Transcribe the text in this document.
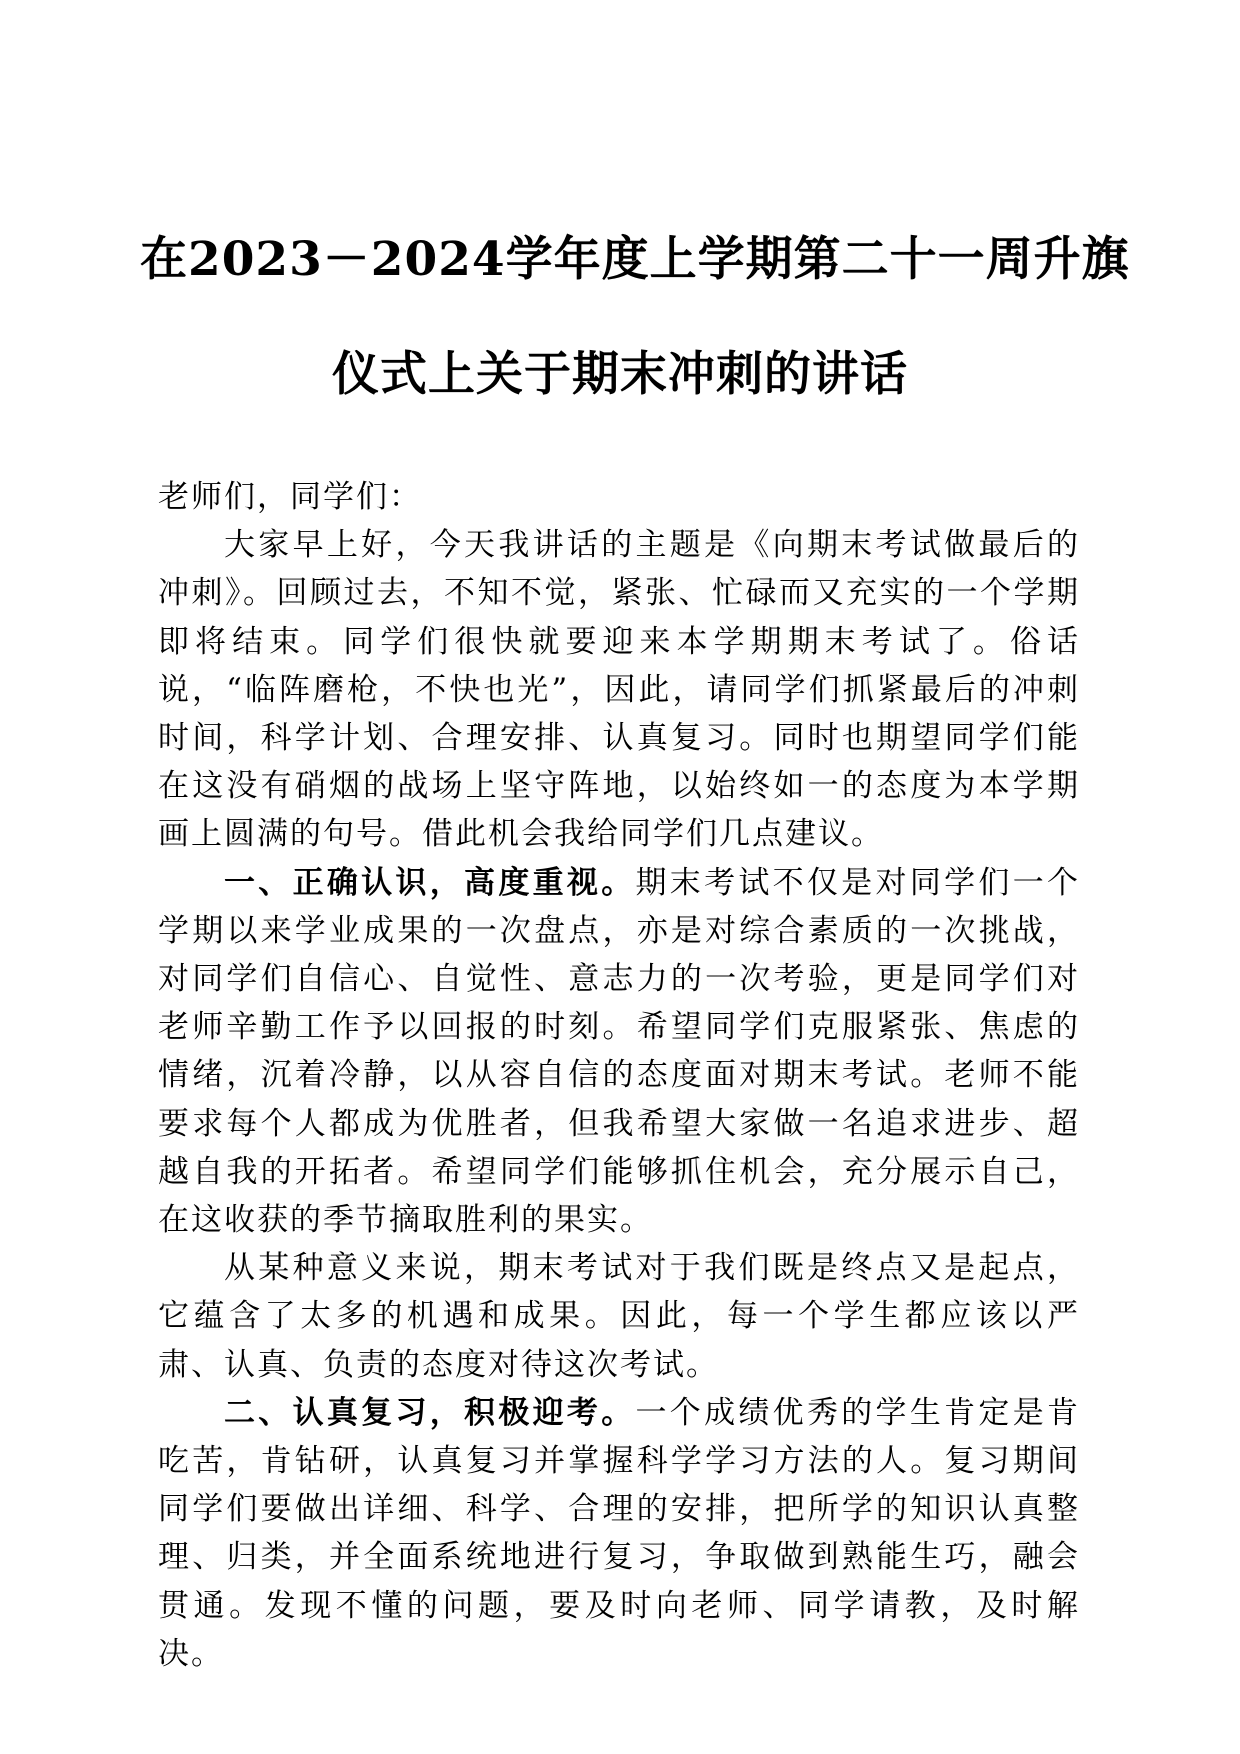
在2023－2024学年度上学期第二十一周升旗
仪式上关于期末冲刺的讲话

老师们，同学们：

大家早上好，今天我讲话的主题是《向期末考试做最后的冲刺》。回顾过去，不知不觉，紧张、忙碌而又充实的一个学期即将结束。同学们很快就要迎来本学期期末考试了。俗话说，“临阵磨枪，不快也光”，因此，请同学们抓紧最后的冲刺时间，科学计划、合理安排、认真复习。同时也期望同学们能在这没有硝烟的战场上坚守阵地，以始终如一的态度为本学期画上圆满的句号。借此机会我给同学们几点建议。

一、正确认识，高度重视。期末考试不仅是对同学们一个学期以来学业成果的一次盘点，亦是对综合素质的一次挑战，对同学们自信心、自觉性、意志力的一次考验，更是同学们对老师辛勤工作予以回报的时刻。希望同学们克服紧张、焦虑的情绪，沉着冷静，以从容自信的态度面对期末考试。老师不能要求每个人都成为优胜者，但我希望大家做一名追求进步、超越自我的开拓者。希望同学们能够抓住机会，充分展示自己，在这收获的季节摘取胜利的果实。

从某种意义来说，期末考试对于我们既是终点又是起点，它蕴含了太多的机遇和成果。因此，每一个学生都应该以严肃、认真、负责的态度对待这次考试。

二、认真复习，积极迎考。一个成绩优秀的学生肯定是肯吃苦，肯钻研，认真复习并掌握科学学习方法的人。复习期间同学们要做出详细、科学、合理的安排，把所学的知识认真整理、归类，并全面系统地进行复习，争取做到熟能生巧，融会贯通。发现不懂的问题，要及时向老师、同学请教，及时解决。
